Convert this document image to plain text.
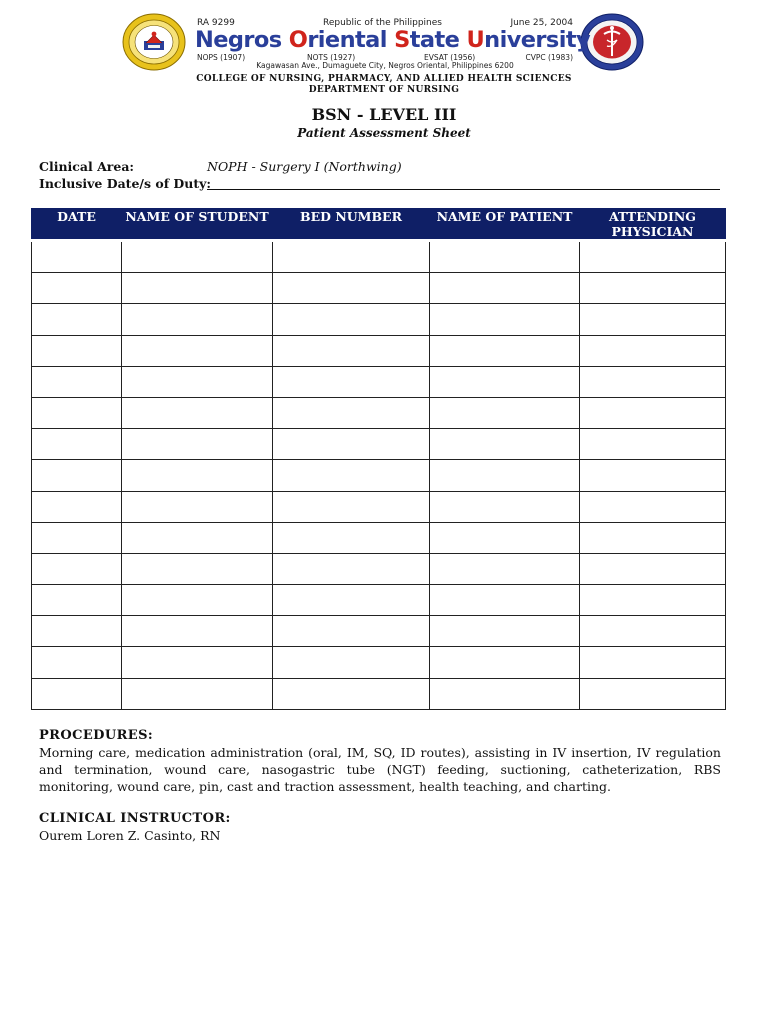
RA 9299	Republic of the Philippines	June 25, 2004
Negros Oriental State University
NOPS (1907)	NOTS (1927)	EVSAT (1956)	CVPC (1983)
Kagawasan Ave., Dumaguete City, Negros Oriental, Philippines 6200
COLLEGE OF NURSING, PHARMACY, AND ALLIED HEALTH SCIENCES
DEPARTMENT OF NURSING
BSN - LEVEL III
Patient Assessment Sheet
Clinical Area:	NOPH - Surgery I (Northwing)
Inclusive Date/s of Duty:
DATE	NAME OF STUDENT	BED NUMBER	NAME OF PATIENT	ATTENDING PHYSICIAN

PROCEDURES:
Morning care, medication administration (oral, IM, SQ, ID routes), assisting in IV insertion, IV regulation and termination, wound care, nasogastric tube (NGT) feeding, suctioning, catheterization, RBS monitoring, wound care, pin, cast and traction assessment, health teaching, and charting.
CLINICAL INSTRUCTOR:
Ourem Loren Z. Casinto, RN
